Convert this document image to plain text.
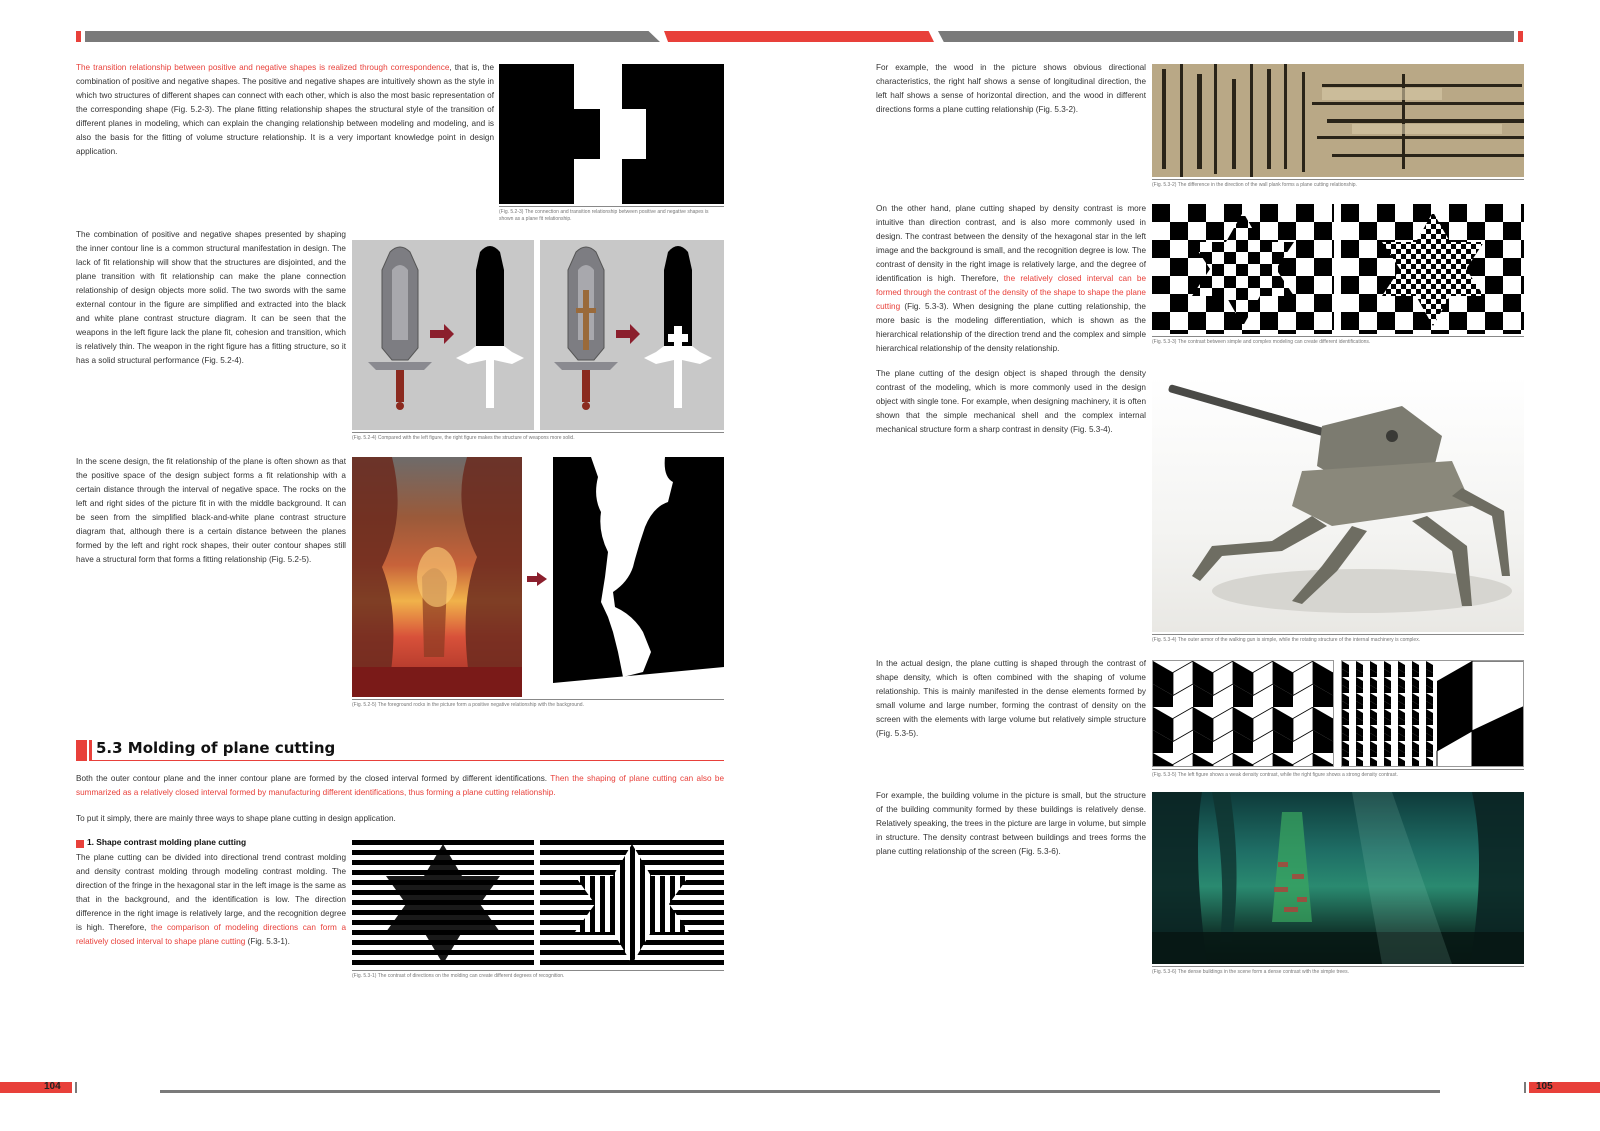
The transition relationship between positive and negative shapes is realized through correspondence, that is, the combination of positive and negative shapes. The positive and negative shapes are intuitively shown as the style in which two structures of different shapes can connect with each other, which is also the most basic representation of the corresponding shape (Fig. 5.2-3). The plane fitting relationship shapes the structural style of the transition of different planes in modeling, which can explain the changing relationship between modeling and modeling, and is also the basis for the fitting of volume structure relationship. It is a very important knowledge point in design application.
(Fig. 5.2-3) The connection and transition relationship between positive and negative shapes is shown as a plane fit relationship.
The combination of positive and negative shapes presented by shaping the inner contour line is a common structural manifestation in design. The lack of fit relationship will show that the structures are disjointed, and the plane transition with fit relationship can make the plane connection relationship of design objects more solid. The two swords with the same external contour in the figure are simplified and extracted into the black and white plane contrast structure diagram. It can be seen that the weapons in the left figure lack the plane fit, cohesion and transition, which is relatively thin. The weapon in the right figure has a fitting structure, so it has a solid structural performance (Fig. 5.2-4).
(Fig. 5.2-4) Compared with the left figure, the right figure makes the structure of weapons more solid.
In the scene design, the fit relationship of the plane is often shown as that the positive space of the design subject forms a fit relationship with a certain distance through the interval of negative space. The rocks on the left and right sides of the picture fit in with the middle background. It can be seen from the simplified black-and-white plane contrast structure diagram that, although there is a certain distance between the planes formed by the left and right rock shapes, their outer contour shapes still have a structural form that forms a fitting relationship (Fig. 5.2-5).
(Fig. 5.2-5) The foreground rocks in the picture form a positive negative relationship with the background.
5.3 Molding of plane cutting
Both the outer contour plane and the inner contour plane are formed by the closed interval formed by different identifications. Then the shaping of plane cutting can also be summarized as a relatively closed interval formed by manufacturing different identifications, thus forming a plane cutting relationship.
To put it simply, there are mainly three ways to shape plane cutting in design application.
1. Shape contrast molding plane cutting
The plane cutting can be divided into directional trend contrast molding and density contrast molding through modeling contrast molding. The direction of the fringe in the hexagonal star in the left image is the same as that in the background, and the identification is low. The direction difference in the right image is relatively large, and the recognition degree is high. Therefore, the comparison of modeling directions can form a relatively closed interval to shape plane cutting (Fig. 5.3-1).
(Fig. 5.3-1) The contrast of directions on the molding can create different degrees of recognition.
For example, the wood in the picture shows obvious directional characteristics, the right half shows a sense of longitudinal direction, the left half shows a sense of horizontal direction, and the wood in different directions forms a plane cutting relationship (Fig. 5.3-2).
(Fig. 5.3-2) The difference in the direction of the wall plank forms a plane cutting relationship.
On the other hand, plane cutting shaped by density contrast is more intuitive than direction contrast, and is also more commonly used in design. The contrast between the density of the hexagonal star in the left image and the background is small, and the recognition degree is low. The contrast of density in the right image is relatively large, and the degree of identification is high. Therefore, the relatively closed interval can be formed through the contrast of the density of the shape to shape the plane cutting (Fig. 5.3-3). When designing the plane cutting relationship, the more basic is the modeling differentiation, which is shown as the hierarchical relationship of the direction trend and the complex and simple hierarchical relationship of the density relationship.
(Fig. 5.3-3) The contrast between simple and complex modeling can create different identifications.
The plane cutting of the design object is shaped through the density contrast of the modeling, which is more commonly used in the design object with single tone. For example, when designing machinery, it is often shown that the simple mechanical shell and the complex internal mechanical structure form a sharp contrast in density (Fig. 5.3-4).
(Fig. 5.3-4) The outer armor of the walking gun is simple, while the rotating structure of the internal machinery is complex.
In the actual design, the plane cutting is shaped through the contrast of shape density, which is often combined with the shaping of volume relationship. This is mainly manifested in the dense elements formed by small volume and large number, forming the contrast of density on the screen with the elements with large volume but relatively simple structure (Fig. 5.3-5).
(Fig. 5.3-5) The left figure shows a weak density contrast, while the right figure shows a strong density contrast.
For example, the building volume in the picture is small, but the structure of the building community formed by these buildings is relatively dense. Relatively speaking, the trees in the picture are large in volume, but simple in structure. The density contrast between buildings and trees forms the plane cutting relationship of the screen (Fig. 5.3-6).
(Fig. 5.3-6) The dense buildings in the scene form a dense contrast with the simple trees.
104	105
